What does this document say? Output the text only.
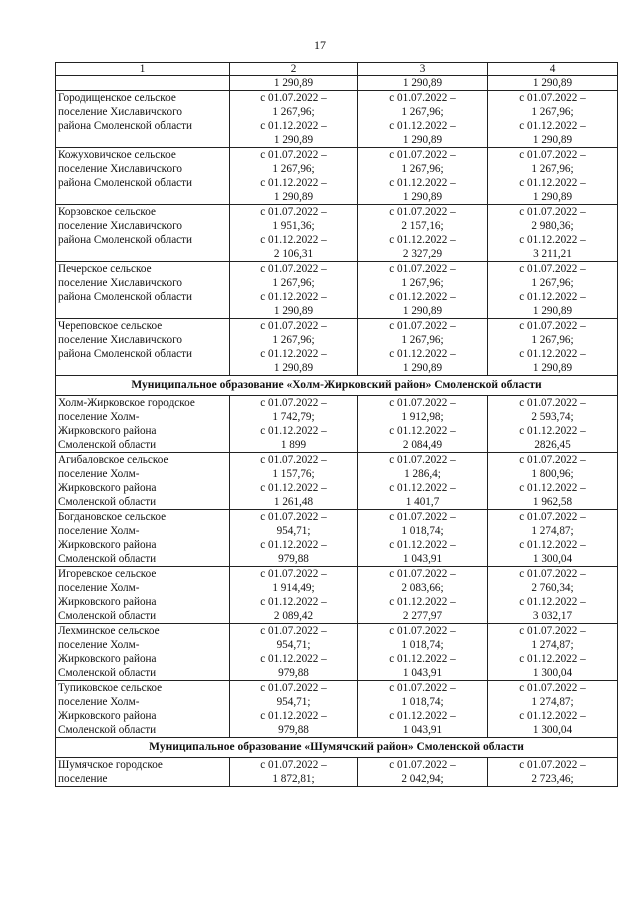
17
1	2	3	4
	1 290,89	1 290,89	1 290,89

Городищенское сельское
поселение Хиславичского
района Смоленской области	с 01.07.2022 –
1 267,96;
с 01.12.2022 –
1 290,89	с 01.07.2022 –
1 267,96;
с 01.12.2022 –
1 290,89	с 01.07.2022 –
1 267,96;
с 01.12.2022 –
1 290,89

Кожуховичское сельское
поселение Хиславичского
района Смоленской области	с 01.07.2022 –
1 267,96;
с 01.12.2022 –
1 290,89	с 01.07.2022 –
1 267,96;
с 01.12.2022 –
1 290,89	с 01.07.2022 –
1 267,96;
с 01.12.2022 –
1 290,89

Корзовское сельское
поселение Хиславичского
района Смоленской области	с 01.07.2022 –
1 951,36;
с 01.12.2022 –
2 106,31	с 01.07.2022 –
2 157,16;
с 01.12.2022 –
2 327,29	с 01.07.2022 –
2 980,36;
с 01.12.2022 –
3 211,21

Печерское сельское
поселение Хиславичского
района Смоленской области	с 01.07.2022 –
1 267,96;
с 01.12.2022 –
1 290,89	с 01.07.2022 –
1 267,96;
с 01.12.2022 –
1 290,89	с 01.07.2022 –
1 267,96;
с 01.12.2022 –
1 290,89

Череповское сельское
поселение Хиславичского
района Смоленской области	с 01.07.2022 –
1 267,96;
с 01.12.2022 –
1 290,89	с 01.07.2022 –
1 267,96;
с 01.12.2022 –
1 290,89	с 01.07.2022 –
1 267,96;
с 01.12.2022 –
1 290,89

Муниципальное образование «Холм-Жирковский район» Смоленской области			

Холм-Жирковское городское
поселение Холм-
Жирковского района
Смоленской области	с 01.07.2022 –
1 742,79;
с 01.12.2022 –
1 899	с 01.07.2022 –
1 912,98;
с 01.12.2022 –
2 084,49	с 01.07.2022 –
2 593,74;
с 01.12.2022 –
2826,45

Агибаловское сельское
поселение Холм-
Жирковского района
Смоленской области	с 01.07.2022 –
1 157,76;
с 01.12.2022 –
1 261,48	с 01.07.2022 –
1 286,4;
с 01.12.2022 –
1 401,7	с 01.07.2022 –
1 800,96;
с 01.12.2022 –
1 962,58

Богдановское сельское
поселение Холм-
Жирковского района
Смоленской области	с 01.07.2022 –
954,71;
с 01.12.2022 –
979,88	с 01.07.2022 –
1 018,74;
с 01.12.2022 –
1 043,91	с 01.07.2022 –
1 274,87;
с 01.12.2022 –
1 300,04

Игоревское сельское
поселение Холм-
Жирковского района
Смоленской области	с 01.07.2022 –
1 914,49;
с 01.12.2022 –
2 089,42	с 01.07.2022 –
2 083,66;
с 01.12.2022 –
2 277,97	с 01.07.2022 –
2 760,34;
с 01.12.2022 –
3 032,17

Лехминское сельское
поселение Холм-
Жирковского района
Смоленской области	с 01.07.2022 –
954,71;
с 01.12.2022 –
979,88	с 01.07.2022 –
1 018,74;
с 01.12.2022 –
1 043,91	с 01.07.2022 –
1 274,87;
с 01.12.2022 –
1 300,04

Тупиковское сельское
поселение Холм-
Жирковского района
Смоленской области	с 01.07.2022 –
954,71;
с 01.12.2022 –
979,88	с 01.07.2022 –
1 018,74;
с 01.12.2022 –
1 043,91	с 01.07.2022 –
1 274,87;
с 01.12.2022 –
1 300,04

Муниципальное образование «Шумячский район» Смоленской области			

Шумячское городское
поселение	с 01.07.2022 –
1 872,81;	с 01.07.2022 –
2 042,94;	с 01.07.2022 –
2 723,46;
